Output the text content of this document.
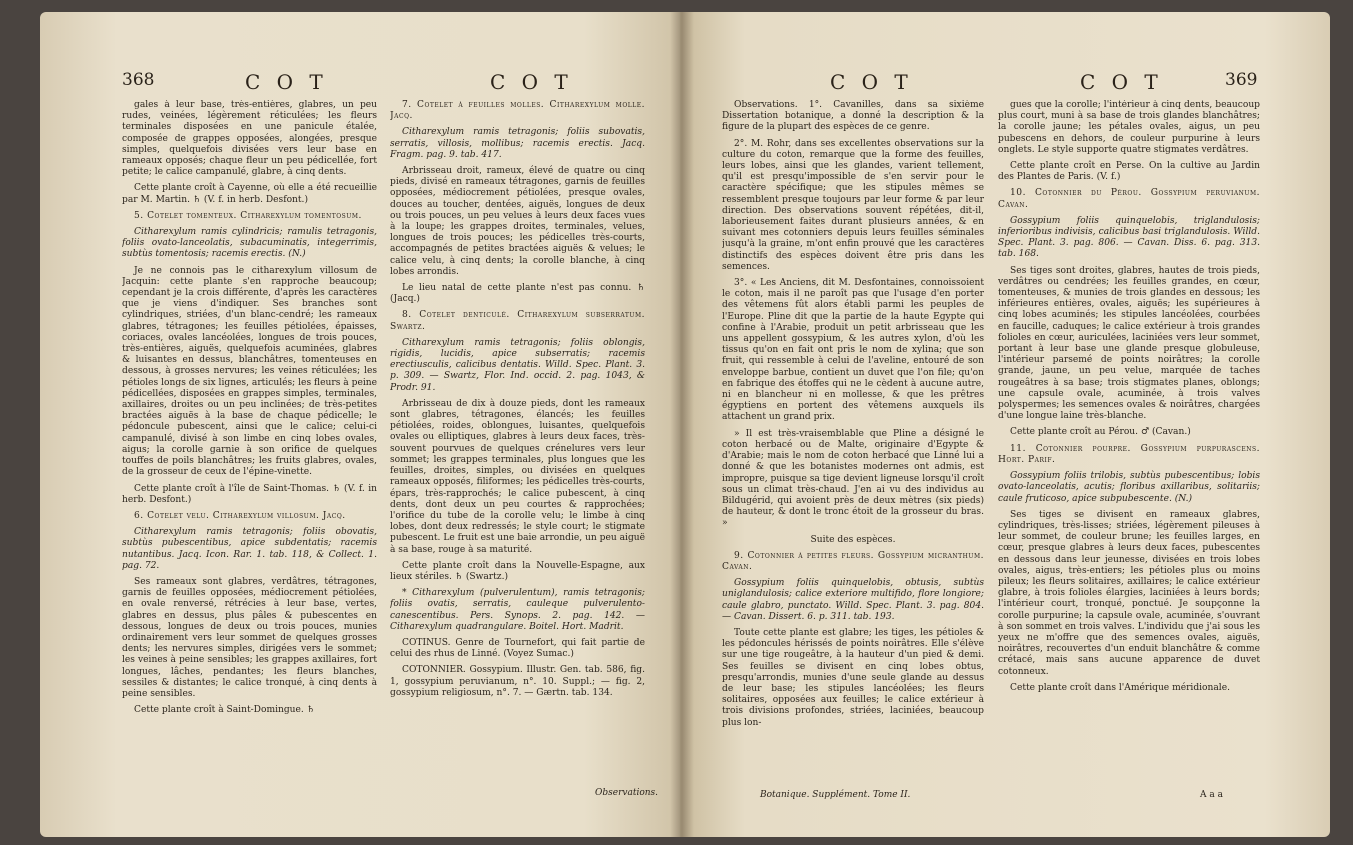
368	C O T	C O T

gales à leur base, très-entières, glabres, un peu rudes, veinées, légèrement réticulées; les fleurs terminales disposées en une panicule étalée, composée de grappes opposées, alongées, presque simples, quelquefois divisées vers leur base en rameaux opposés; chaque fleur un peu pédicellée, fort petite; le calice campanulé, glabre, à cinq dents.

Cette plante croît à Cayenne, où elle a été recueillie par M. Martin. ♄ (V. f. in herb. Desfont.)

5. Cotelet tomenteux. Citharexylum tomentosum.

Citharexylum ramis cylindricis; ramulis tetragonis, foliis ovato-lanceolatis, subacuminatis, integerrimis, subtùs tomentosis; racemis erectis. (N.)

Je ne connois pas le citharexylum villosum de Jacquin: cette plante s'en rapproche beaucoup; cependant je la crois différente, d'après les caractères que je viens d'indiquer. Ses branches sont cylindriques, striées, d'un blanc-cendré; les rameaux glabres, tétragones; les feuilles pétiolées, épaisses, coriaces, ovales lancéolées, longues de trois pouces, très-entières, aiguës, quelquefois acuminées, glabres & luisantes en dessus, blanchâtres, tomenteuses en dessous, à grosses nervures; les veines réticulées; les pétioles longs de six lignes, articulés; les fleurs à peine pédicellées, disposées en grappes simples, terminales, axillaires, droites ou un peu inclinées; de très-petites bractées aiguës à la base de chaque pédicelle; le pédoncule pubescent, ainsi que le calice; celui-ci campanulé, divisé à son limbe en cinq lobes ovales, aigus; la corolle garnie à son orifice de quelques touffes de poils blanchâtres; les fruits glabres, ovales, de la grosseur de ceux de l'épine-vinette.

Cette plante croît à l'île de Saint-Thomas. ♄ (V. f. in herb. Desfont.)

6. Cotelet velu. Citharexylum villosum. Jacq.

Citharexylum ramis tetragonis; foliis obovatis, subtùs pubescentibus, apice subdentatis; racemis nutantibus. Jacq. Icon. Rar. 1. tab. 118, & Collect. 1. pag. 72.

Ses rameaux sont glabres, verdâtres, tétragones, garnis de feuilles opposées, médiocrement pétiolées, en ovale renversé, rétrécies à leur base, vertes, glabres en dessus, plus pâles & pubescentes en dessous, longues de deux ou trois pouces, munies ordinairement vers leur sommet de quelques grosses dents; les nervures simples, dirigées vers le sommet; les veines à peine sensibles; les grappes axillaires, fort longues, lâches, pendantes; les fleurs blanches, sessiles & distantes; le calice tronqué, à cinq dents à peine sensibles.

Cette plante croît à Saint-Domingue. ♄

7. Cotelet à feuilles molles. Citharexylum molle. Jacq.

Citharexylum ramis tetragonis; foliis subovatis, serratis, villosis, mollibus; racemis erectis. Jacq. Fragm. pag. 9. tab. 417.

Arbrisseau droit, rameux, élevé de quatre ou cinq pieds, divisé en rameaux tétragones, garnis de feuilles opposées, médiocrement pétiolées, presque ovales, douces au toucher, dentées, aiguës, longues de deux ou trois pouces, un peu velues à leurs deux faces vues à la loupe; les grappes droites, terminales, velues, longues de trois pouces; les pédicelles très-courts, accompagnés de petites bractées aiguës & velues; le calice velu, à cinq dents; la corolle blanche, à cinq lobes arrondis.

Le lieu natal de cette plante n'est pas connu. ♄ (Jacq.)

8. Cotelet denticulé. Citharexylum subserratum. Swartz.

Citharexylum ramis tetragonis; foliis oblongis, rigidis, lucidis, apice subserratis; racemis erectiusculis, calicibus dentatis. Willd. Spec. Plant. 3. p. 309. — Swartz, Flor. Ind. occid. 2. pag. 1043, & Prodr. 91.

Arbrisseau de dix à douze pieds, dont les rameaux sont glabres, tétragones, élancés; les feuilles pétiolées, roides, oblongues, luisantes, quelquefois ovales ou elliptiques, glabres à leurs deux faces, très-souvent pourvues de quelques crénelures vers leur sommet; les grappes terminales, plus longues que les feuilles, droites, simples, ou divisées en quelques rameaux opposés, filiformes; les pédicelles très-courts, épars, très-rapprochés; le calice pubescent, à cinq dents, dont deux un peu courtes & rapprochées; l'orifice du tube de la corolle velu; le limbe à cinq lobes, dont deux redressés; le style court; le stigmate pubescent. Le fruit est une baie arrondie, un peu aiguë à sa base, rouge à sa maturité.

Cette plante croît dans la Nouvelle-Espagne, aux lieux stériles. ♄ (Swartz.)

* Citharexylum (pulverulentum), ramis tetragonis; foliis ovatis, serratis, cauleque pulverulento-canescentibus. Pers. Synops. 2. pag. 142. — Citharexylum quadrangulare. Boitel. Hort. Madrit.

COTINUS. Genre de Tournefort, qui fait partie de celui des rhus de Linné. (Voyez Sumac.)

COTONNIER. Gossypium. Illustr. Gen. tab. 586, fig. 1, gossypium peruvianum, n°. 10. Suppl.; — fig. 2, gossypium religiosum, n°. 7. — Gærtn. tab. 134.

Observations.
C O T	C O T	369

Observations. 1°. Cavanilles, dans sa sixième Dissertation botanique, a donné la description & la figure de la plupart des espèces de ce genre.

2°. M. Rohr, dans ses excellentes observations sur la culture du coton, remarque que la forme des feuilles, leurs lobes, ainsi que les glandes, varient tellement, qu'il est presqu'impossible de s'en servir pour le caractère spécifique; que les stipules mêmes se ressemblent presque toujours par leur forme & par leur direction. Des observations souvent répétées, dit-il, laborieusement faites durant plusieurs années, & en suivant mes cotonniers depuis leurs feuilles séminales jusqu'à la graine, m'ont enfin prouvé que les caractères distinctifs des espèces doivent être pris dans les semences.

3°. « Les Anciens, dit M. Desfontaines, connoissoient le coton, mais il ne paroît pas que l'usage d'en porter des vêtemens fût alors établi parmi les peuples de l'Europe. Pline dit que la partie de la haute Egypte qui confine à l'Arabie, produit un petit arbrisseau que les uns appellent gossypium, & les autres xylon, d'où les tissus qu'on en fait ont pris le nom de xylina; que son fruit, qui ressemble à celui de l'aveline, entouré de son enveloppe barbue, contient un duvet que l'on file; qu'on en fabrique des étoffes qui ne le cèdent à aucune autre, ni en blancheur ni en mollesse, & que les prêtres égyptiens en portent des vêtemens auxquels ils attachent un grand prix.

» Il est très-vraisemblable que Pline a désigné le coton herbacé ou de Malte, originaire d'Egypte & d'Arabie; mais le nom de coton herbacé que Linné lui a donné & que les botanistes modernes ont admis, est impropre, puisque sa tige devient ligneuse lorsqu'il croît sous un climat très-chaud. J'en ai vu des individus au Bildugérid, qui avoient près de deux mètres (six pieds) de hauteur, & dont le tronc étoit de la grosseur du bras. »

Suite des espèces.

9. Cotonnier à petites fleurs. Gossypium micranthum. Cavan.

Gossypium foliis quinquelobis, obtusis, subtùs uniglandulosis; calice exteriore multifido, flore longiore; caule glabro, punctato. Willd. Spec. Plant. 3. pag. 804. — Cavan. Dissert. 6. p. 311. tab. 193.

Toute cette plante est glabre; les tiges, les pétioles & les pédoncules hérissés de points noirâtres. Elle s'élève sur une tige rougeâtre, à la hauteur d'un pied & demi. Ses feuilles se divisent en cinq lobes obtus, presqu'arrondis, munies d'une seule glande au dessus de leur base; les stipules lancéolées; les fleurs solitaires, opposées aux feuilles; le calice extérieur à trois divisions profondes, striées, laciniées, beaucoup plus lon-

gues que la corolle; l'intérieur à cinq dents, beaucoup plus court, muni à sa base de trois glandes blanchâtres; la corolle jaune; les pétales ovales, aigus, un peu pubescens en dehors, de couleur purpurine à leurs onglets. Le style supporte quatre stigmates verdâtres.

Cette plante croît en Perse. On la cultive au Jardin des Plantes de Paris. (V. f.)

10. Cotonnier du Pérou. Gossypium peruvianum. Cavan.

Gossypium foliis quinquelobis, triglandulosis; inferioribus indivisis, calicibus basi triglandulosis. Willd. Spec. Plant. 3. pag. 806. — Cavan. Diss. 6. pag. 313. tab. 168.

Ses tiges sont droites, glabres, hautes de trois pieds, verdâtres ou cendrées; les feuilles grandes, en cœur, tomenteuses, & munies de trois glandes en dessous; les inférieures entières, ovales, aiguës; les supérieures à cinq lobes acuminés; les stipules lancéolées, courbées en faucille, caduques; le calice extérieur à trois grandes folioles en cœur, auriculées, laciniées vers leur sommet, portant à leur base une glande presque globuleuse, l'intérieur parsemé de points noirâtres; la corolle grande, jaune, un peu velue, marquée de taches rougeâtres à sa base; trois stigmates planes, oblongs; une capsule ovale, acuminée, à trois valves polyspermes; les semences ovales & noirâtres, chargées d'une longue laine très-blanche.

Cette plante croît au Pérou. ♂ (Cavan.)

11. Cotonnier pourpre. Gossypium purpurascens. Hort. Parif.

Gossypium foliis trilobis, subtùs pubescentibus; lobis ovato-lanceolatis, acutis; floribus axillaribus, solitariis; caule fruticoso, apice subpubescente. (N.)

Ses tiges se divisent en rameaux glabres, cylindriques, très-lisses; striées, légèrement pileuses à leur sommet, de couleur brune; les feuilles larges, en cœur, presque glabres à leurs deux faces, pubescentes en dessous dans leur jeunesse, divisées en trois lobes ovales, aigus, très-entiers; les pétioles plus ou moins pileux; les fleurs solitaires, axillaires; le calice extérieur glabre, à trois folioles élargies, laciniées à leurs bords; l'intérieur court, tronqué, ponctué. Je soupçonne la corolle purpurine; la capsule ovale, acuminée, s'ouvrant à son sommet en trois valves. L'individu que j'ai sous les yeux ne m'offre que des semences ovales, aiguës, noirâtres, recouvertes d'un enduit blanchâtre & comme crétacé, mais sans aucune apparence de duvet cotonneux.

Cette plante croît dans l'Amérique méridionale.

Botanique. Supplément. Tome II.	A a a
